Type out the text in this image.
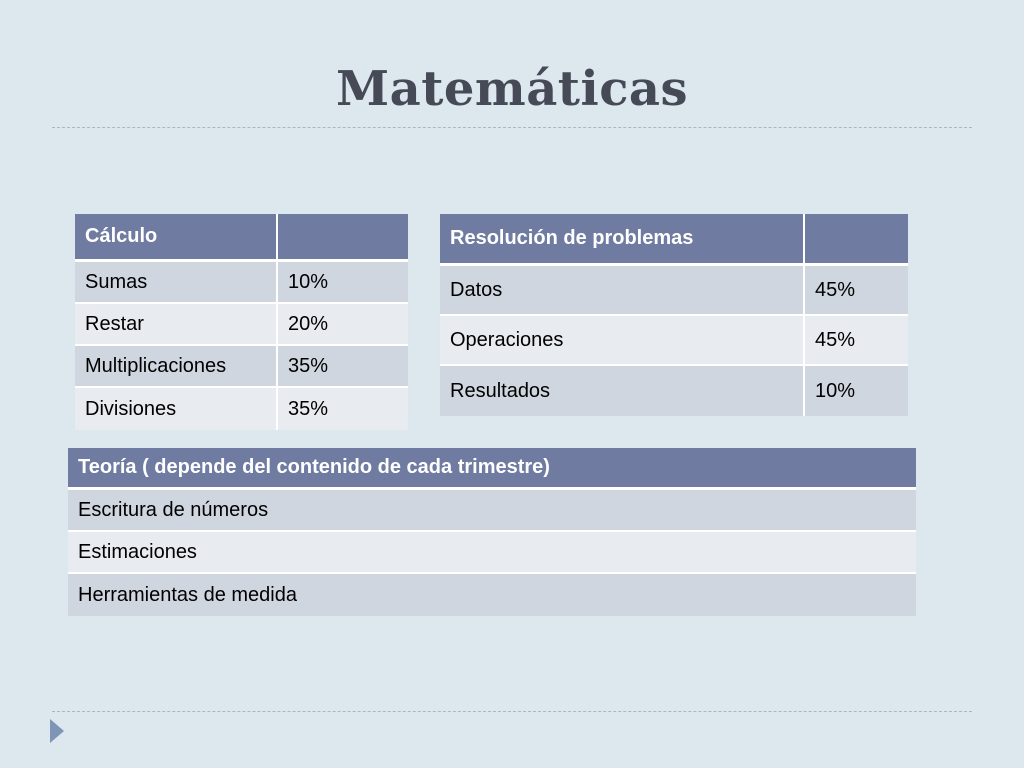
Matemáticas
Cálculo	
Sumas	10%
Restar	20%
Multiplicaciones	35%
Divisiones	35%
Resolución de problemas	
Datos	45%
Operaciones	45%
Resultados	10%
Teoría ( depende del contenido de cada trimestre)
Escritura de números
Estimaciones
Herramientas de medida
